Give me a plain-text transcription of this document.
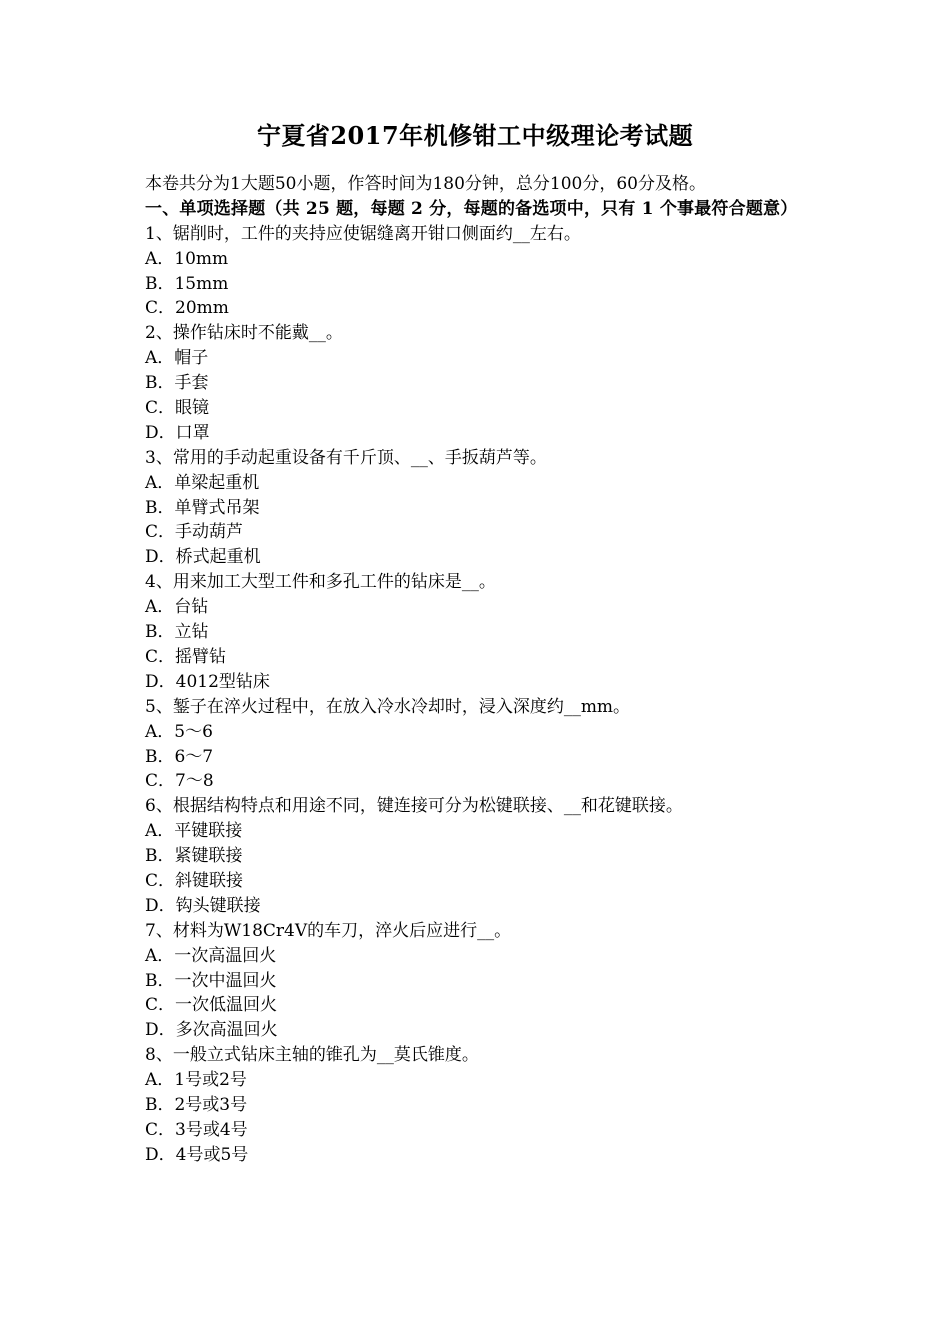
宁夏省2017年机修钳工中级理论考试题
本卷共分为1大题50小题，作答时间为180分钟，总分100分，60分及格。
一、单项选择题（共 25 题，每题 2 分，每题的备选项中，只有 1 个事最符合题意）
1、锯削时，工件的夹持应使锯缝离开钳口侧面约__左右。
A．10mm
B．15mm
C．20mm
2、操作钻床时不能戴__。
A．帽子
B．手套
C．眼镜
D．口罩
3、常用的手动起重设备有千斤顶、__、手扳葫芦等。
A．单梁起重机
B．单臂式吊架
C．手动葫芦
D．桥式起重机
4、用来加工大型工件和多孔工件的钻床是__。
A．台钻
B．立钻
C．摇臂钻
D．4012型钻床
5、錾子在淬火过程中，在放入冷水冷却时，浸入深度约__mm。
A．5～6
B．6～7
C．7～8
6、根据结构特点和用途不同，键连接可分为松键联接、__和花键联接。
A．平键联接
B．紧键联接
C．斜键联接
D．钩头键联接
7、材料为W18Cr4V的车刀，淬火后应进行__。
A．一次高温回火
B．一次中温回火
C．一次低温回火
D．多次高温回火
8、一般立式钻床主轴的锥孔为__莫氏锥度。
A．1号或2号
B．2号或3号
C．3号或4号
D．4号或5号
